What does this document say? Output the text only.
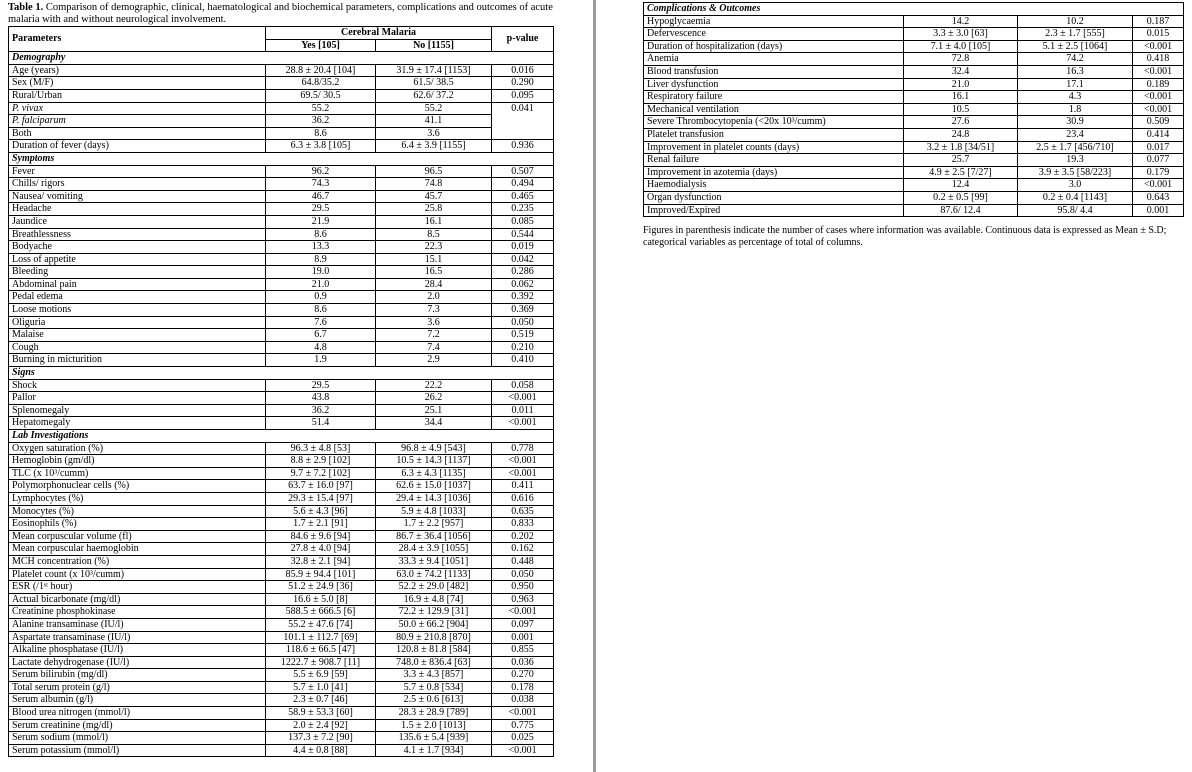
Table 1. Comparison of demographic, clinical, haematological and biochemical parameters, complications and outcomes of acute malaria with and without neurological involvement.
Parameters	Cerebral Malaria		p-value
	Yes [105]	No [1155]	
Demography			
Age (years)	28.8 ± 20.4 [104]	31.9 ± 17.4 [1153]	0.016
Sex (M/F)	64.8/35.2	61.5/ 38.5	0.290
Rural/Urban	69.5/ 30.5	62.6/ 37.2	0.095
P. vivax	55.2	55.2	0.041
P. falciparum	36.2	41.1	
Both	8.6	3.6	
Duration of fever (days)	6.3 ± 3.8 [105]	6.4 ± 3.9 [1155]	0.936
Symptoms			
Fever	96.2	96.5	0.507
Chills/ rigors	74.3	74.8	0.494
Nausea/ vomiting	46.7	45.7	0.465
Headache	29.5	25.8	0.235
Jaundice	21.9	16.1	0.085
Breathlessness	8.6	8.5	0.544
Bodyache	13.3	22.3	0.019
Loss of appetite	8.9	15.1	0.042
Bleeding	19.0	16.5	0.286
Abdominal pain	21.0	28.4	0.062
Pedal edema	0.9	2.0	0.392
Loose motions	8.6	7.3	0.369
Oliguria	7.6	3.6	0.050
Malaise	6.7	7.2	0.519
Cough	4.8	7.4	0.210
Burning in micturition	1.9	2.9	0.410
Signs			
Shock	29.5	22.2	0.058
Pallor	43.8	26.2	<0.001
Splenomegaly	36.2	25.1	0.011
Hepatomegaly	51.4	34.4	<0.001
Lab Investigations			
Oxygen saturation (%)	96.3 ± 4.8 [53]	96.8 ± 4.9 [543]	0.778
Hemoglobin (gm/dl)	8.8 ± 2.9 [102]	10.5 ± 14.3 [1137]	<0.001
TLC (x 10³/cumm)	9.7 ± 7.2 [102]	6.3 ± 4.3 [1135]	<0.001
Polymorphonuclear cells (%)	63.7 ± 16.0 [97]	62.6 ± 15.0 [1037]	0.411
Lymphocytes (%)	29.3 ± 15.4 [97]	29.4 ± 14.3 [1036]	0.616
Monocytes (%)	5.6 ± 4.3 [96]	5.9 ± 4.8 [1033]	0.635
Eosinophils (%)	1.7 ± 2.1 [91]	1.7 ± 2.2 [957]	0.833
Mean corpuscular volume (fl)	84.6 ± 9.6 [94]	86.7 ± 36.4 [1056]	0.202
Mean corpuscular haemoglobin	27.8 ± 4.0 [94]	28.4 ± 3.9 [1055]	0.162
MCH concentration (%)	32.8 ± 2.1 [94]	33.3 ± 9.4 [1051]	0.448
Platelet count (x 10³/cumm)	85.9 ± 94.4 [101]	63.0 ± 74.2 [1133]	0.050
ESR (/1ˢᵗ hour)	51.2 ± 24.9 [36]	52.2 ± 29.0 [482]	0.950
Actual bicarbonate (mg/dl)	16.6 ± 5.0 [8]	16.9 ± 4.8 [74]	0.963
Creatinine phosphokinase	588.5 ± 666.5 [6]	72.2 ± 129.9 [31]	<0.001
Alanine transaminase (IU/l)	55.2 ± 47.6 [74]	50.0 ± 66.2 [904]	0.097
Aspartate transaminase (IU/l)	101.1 ± 112.7 [69]	80.9 ± 210.8 [870]	0.001
Alkaline phosphatase (IU/l)	118.6 ± 66.5 [47]	120.8 ± 81.8 [584]	0.855
Lactate dehydrogenase (IU/l)	1222.7 ± 908.7 [11]	748.0 ± 836.4 [63]	0.036
Serum bilirubin (mg/dl)	5.5 ± 6.9 [59]	3.3 ± 4.3 [857]	0.270
Total serum protein (g/l)	5.7 ± 1.0 [41]	5.7 ± 0.8 [534]	0.178
Serum albumin (g/l)	2.3 ± 0.7 [46]	2.5 ± 0.6 [613]	0.038
Blood urea nitrogen (mmol/l)	58.9 ± 53.3 [60]	28.3 ± 28.9 [789]	<0.001
Serum creatinine (mg/dl)	2.0 ± 2.4 [92]	1.5 ± 2.0 [1013]	0.775
Serum sodium (mmol/l)	137.3 ± 7.2 [90]	135.6 ± 5.4 [939]	0.025
Serum potassium (mmol/l)	4.4 ± 0.8 [88]	4.1 ± 1.7 [934]	<0.001
Complications & Outcomes			
Hypoglycaemia	14.2	10.2	0.187
Defervescence	3.3 ± 3.0 [63]	2.3 ± 1.7 [555]	0.015
Duration of hospitalization (days)	7.1 ± 4.0 [105]	5.1 ± 2.5 [1064]	<0.001
Anemia	72.8	74.2	0.418
Blood transfusion	32.4	16.3	<0.001
Liver dysfunction	21.0	17.1	0.189
Respiratory failure	16.1	4.3	<0.001
Mechanical ventilation	10.5	1.8	<0.001
Severe Thrombocytopenia (<20x 10³/cumm)	27.6	30.9	0.509
Platelet transfusion	24.8	23.4	0.414
Improvement in platelet counts (days)	3.2 ± 1.8 [34/51]	2.5 ± 1.7 [456/710]	0.017
Renal failure	25.7	19.3	0.077
Improvement in azotemia (days)	4.9 ± 2.5 [7/27]	3.9 ± 3.5 [58/223]	0.179
Haemodialysis	12.4	3.0	<0.001
Organ dysfunction	0.2 ± 0.5 [99]	0.2 ± 0.4 [1143]	0.643
Improved/Expired	87.6/ 12.4	95.8/ 4.4	0.001
Figures in parenthesis indicate the number of cases where information was available. Continuous data is expressed as Mean ± S.D; categorical variables as percentage of total of columns.
